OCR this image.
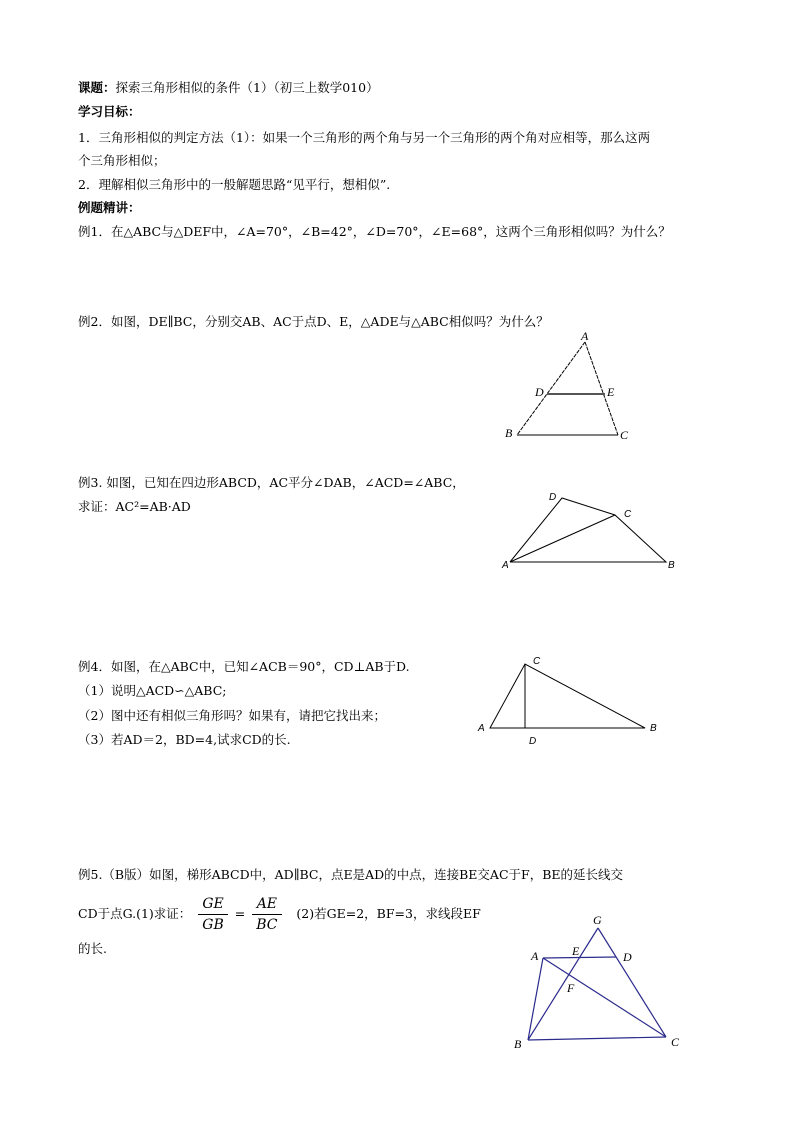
课题：探索三角形相似的条件（1）（初三上数学010）
学习目标：
1．三角形相似的判定方法（1）：如果一个三角形的两个角与另一个三角形的两个角对应相等，那么这两
个三角形相似；
2．理解相似三角形中的一般解题思路“见平行，想相似”.
例题精讲：
例1．在△ABC与△DEF中，∠A=70°，∠B=42°，∠D=70°，∠E=68°，这两个三角形相似吗？为什么？
例2．如图，DE∥BC，分别交AB、AC于点D、E，△ADE与△ABC相似吗？为什么？
A
D	E
B	C
例3. 如图，已知在四边形ABCD，AC平分∠DAB，∠ACD=∠ABC，
求证：AC²=AB·AD
D
C
A	B
例4．如图，在△ABC中，已知∠ACB＝90°，CD⊥AB于D.
（1）说明△ACD∽△ABC;
（2）图中还有相似三角形吗？如果有，请把它找出来；
（3）若AD＝2，BD=4,试求CD的长.
C
A	B
D
例5.（B版）如图，梯形ABCD中，AD∥BC，点E是AD的中点，连接BE交AC于F，BE的延长线交
CD于点G.(1)求证： $\frac{GE}{GB} = \frac{AE}{BC} (2)$若GE=2，BF=3，求线段EF
的长.
G
A	E	D
F
B	C
